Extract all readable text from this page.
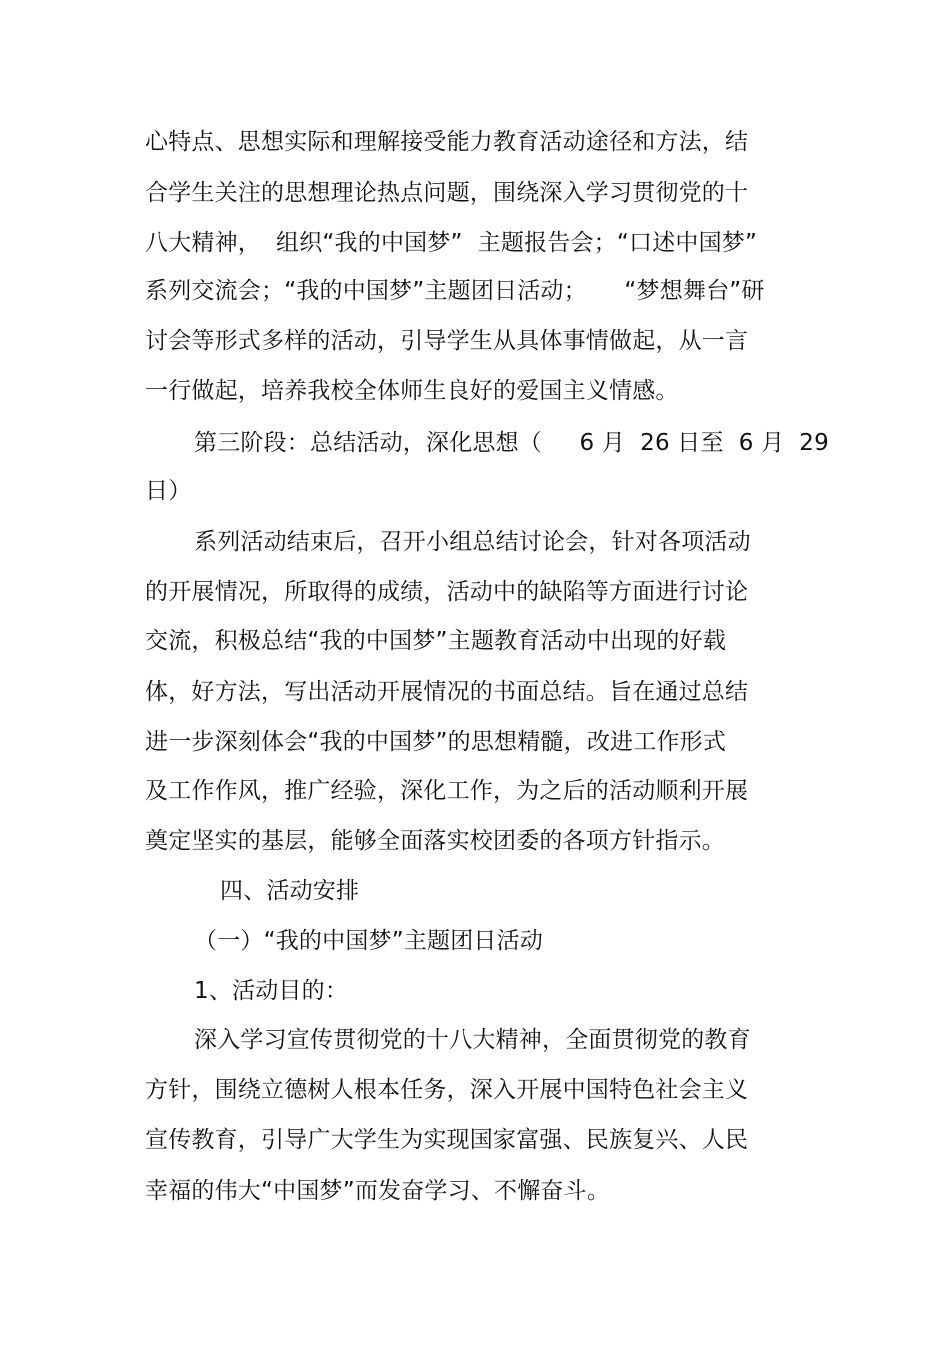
心特点、思想实际和理解接受能力教育活动途径和方法，结
合学生关注的思想理论热点问题，围绕深入学习贯彻党的十
八大精神，  组织“我的中国梦”  主题报告会；“口述中国梦”
系列交流会；“我的中国梦”主题团日活动；     “梦想舞台”研
讨会等形式多样的活动，引导学生从具体事情做起，从一言
一行做起，培养我校全体师生良好的爱国主义情感。
第三阶段：总结活动，深化思想（     6 月  26 日至  6 月  29
日）
系列活动结束后，召开小组总结讨论会，针对各项活动
的开展情况，所取得的成绩，活动中的缺陷等方面进行讨论
交流，积极总结“我的中国梦”主题教育活动中出现的好载
体，好方法，写出活动开展情况的书面总结。旨在通过总结
进一步深刻体会“我的中国梦”的思想精髓，改进工作形式
及工作作风，推广经验，深化工作，为之后的活动顺利开展
奠定坚实的基层，能够全面落实校团委的各项方针指示。
四、活动安排
（一）“我的中国梦”主题团日活动
1、活动目的：
深入学习宣传贯彻党的十八大精神，全面贯彻党的教育
方针，围绕立德树人根本任务，深入开展中国特色社会主义
宣传教育，引导广大学生为实现国家富强、民族复兴、人民
幸福的伟大“中国梦”而发奋学习、不懈奋斗。
